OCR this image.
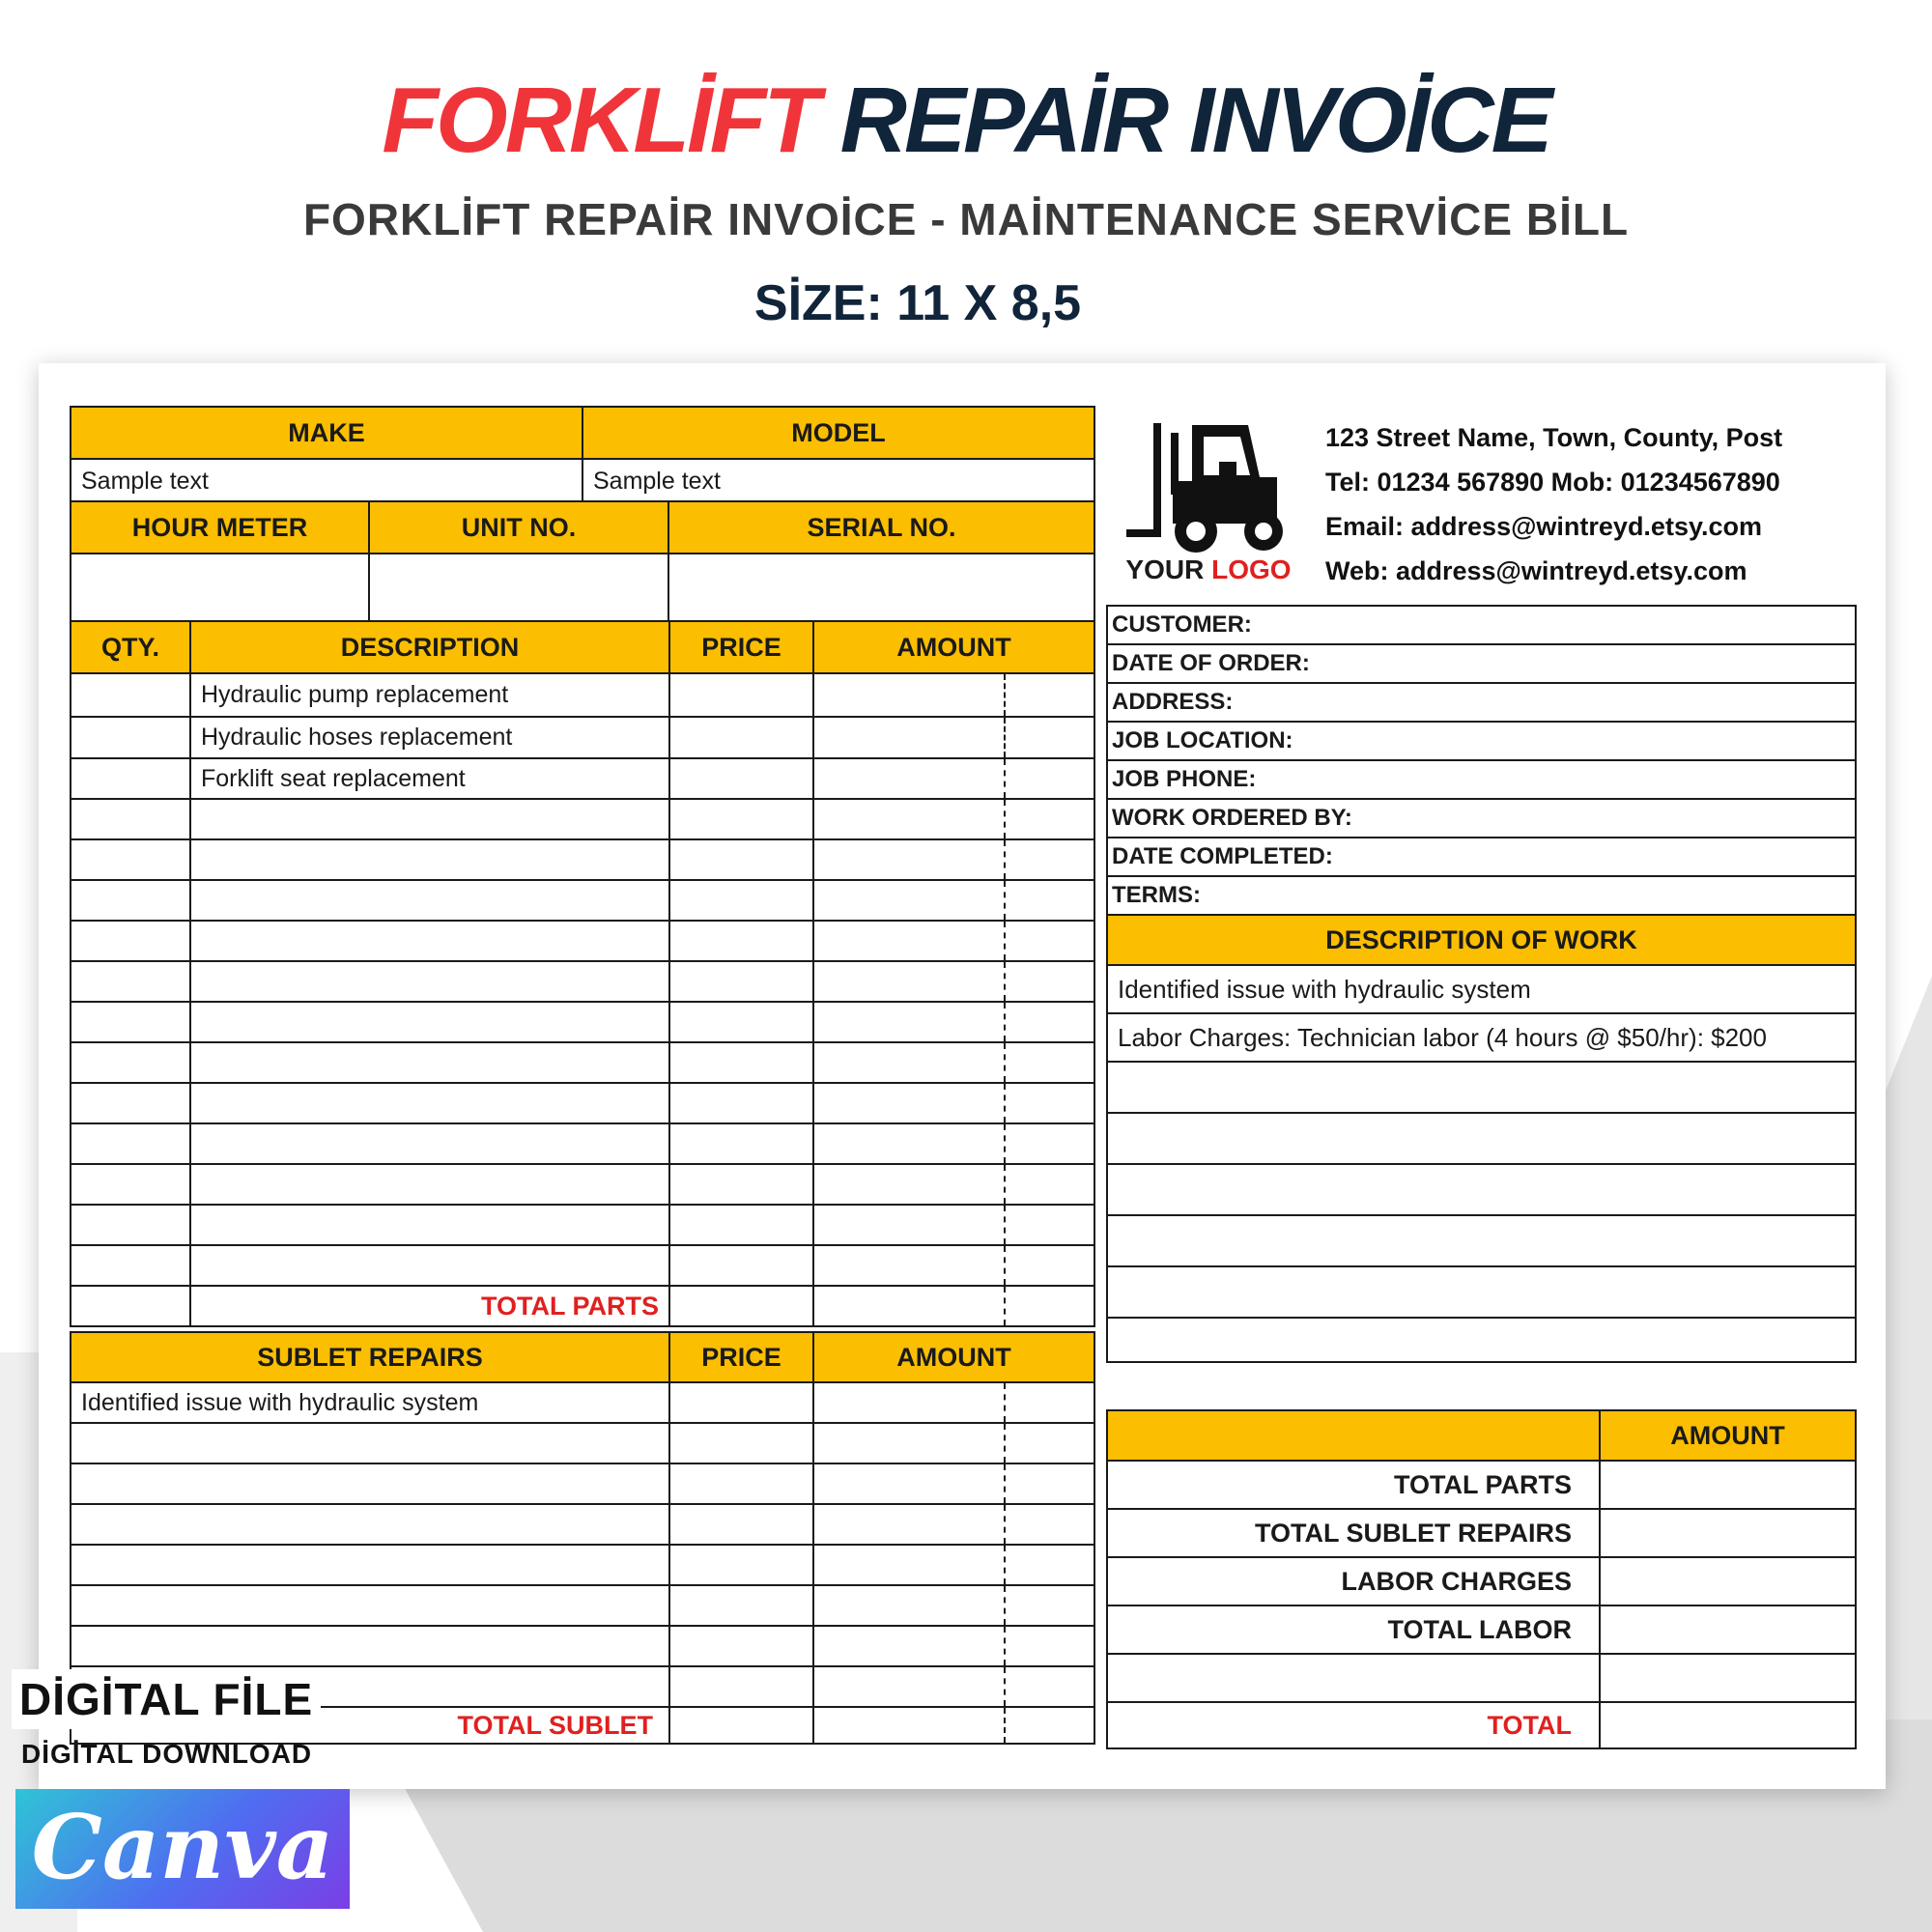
FORKLİFT REPAİR INVOİCE
FORKLİFT REPAİR INVOİCE - MAİNTENANCE SERVİCE BİLL
SİZE: 11 X 8,5
MAKE	MODEL
Sample text	Sample text
HOUR METER	UNIT NO.	SERIAL NO.

QTY.	DESCRIPTION	PRICE	AMOUNT
	Hydraulic pump replacement		
	Hydraulic hoses replacement		
	Forklift seat replacement		

	TOTAL PARTS		
SUBLET REPAIRS	PRICE	AMOUNT
Identified issue with hydraulic system		

TOTAL SUBLET		
YOUR LOGO
123 Street Name, Town, County, Post
Tel: 01234 567890 Mob: 01234567890
Email: address@wintreyd.etsy.com
Web: address@wintreyd.etsy.com
CUSTOMER:
DATE OF ORDER:
ADDRESS:
JOB LOCATION:
JOB PHONE:
WORK ORDERED BY:
DATE COMPLETED:
TERMS:
DESCRIPTION OF WORK
Identified issue with hydraulic system
Labor Charges: Technician labor (4 hours @ $50/hr): $200

	AMOUNT
TOTAL PARTS	
TOTAL SUBLET REPAIRS	
LABOR CHARGES	
TOTAL LABOR	

TOTAL	
DİGİTAL FİLE
DİGİTAL DOWNLOAD
Canva
